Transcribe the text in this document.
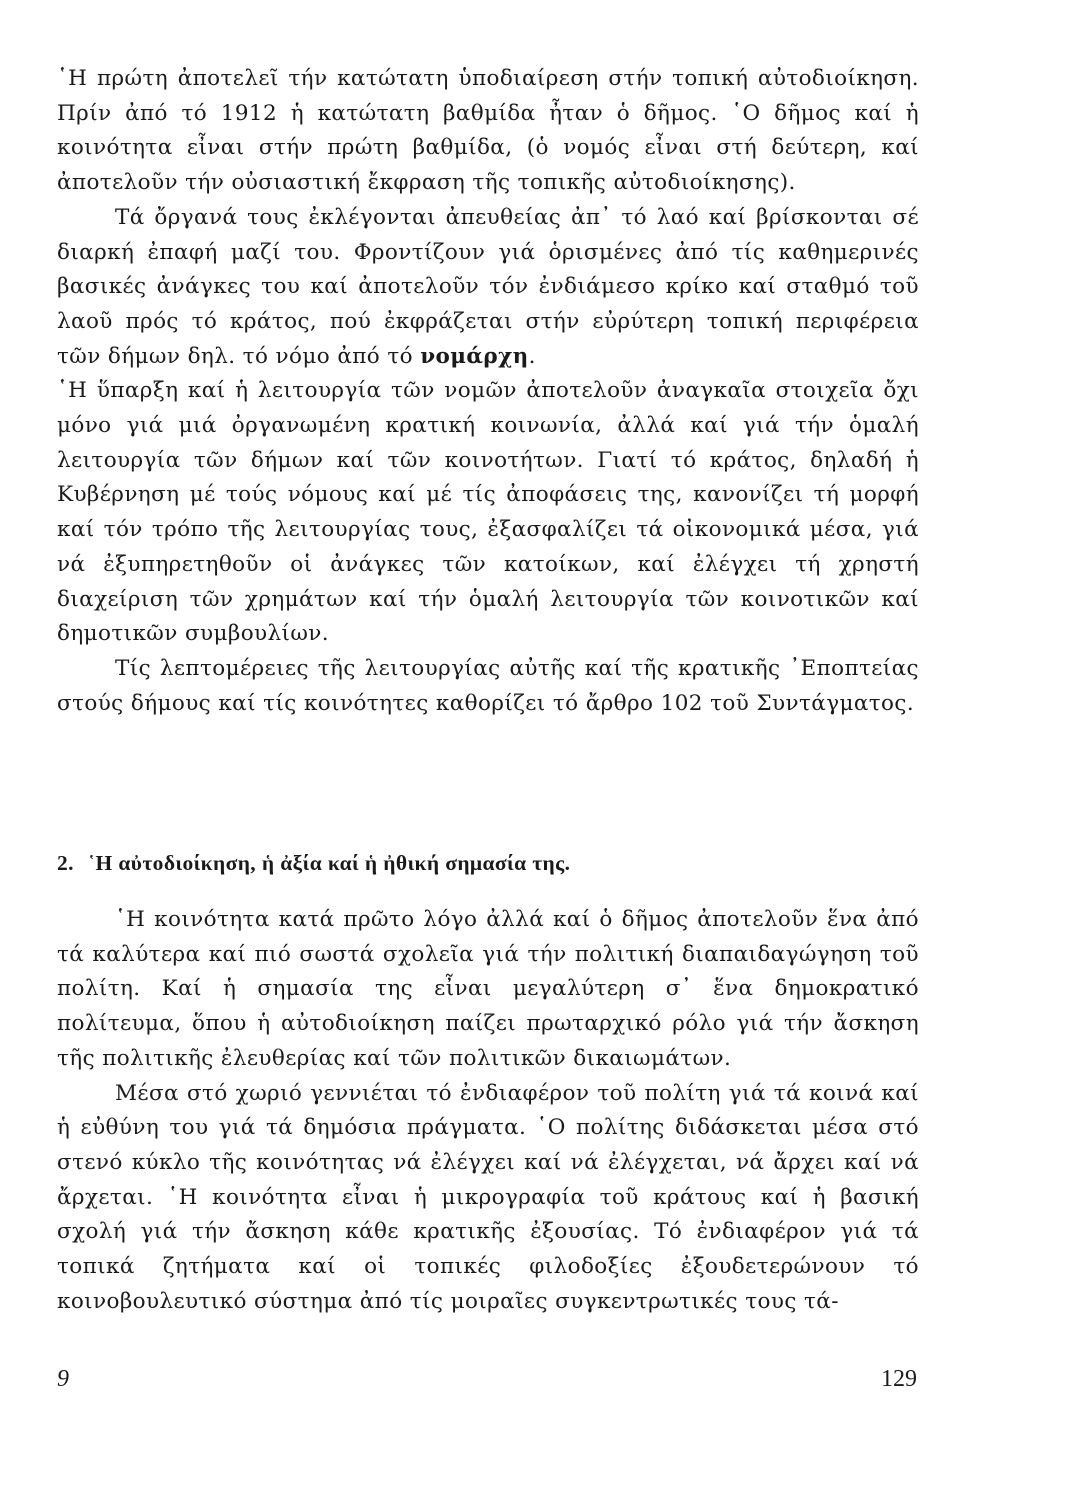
῾Η πρώτη ἀποτελεῖ τήν κατώτατη ὑποδιαίρεση στήν τοπική αὐτοδιοίκηση. Πρίν ἀπό τό 1912 ἡ κατώτατη βαθμίδα ἦταν ὁ δῆμος. ῾Ο δῆμος καί ἡ κοινότητα εἶναι στήν πρώτη βαθμίδα, (ὁ νομός εἶναι στή δεύτερη, καί ἀποτελοῦν τήν οὐσιαστική ἔκφραση τῆς τοπικῆς αὐτοδιοίκησης).

Τά ὄργανά τους ἐκλέγονται ἀπευθείας ἀπ᾿ τό λαό καί βρίσκονται σέ διαρκή ἐπαφή μαζί του. Φροντίζουν γιά ὁρισμένες ἀπό τίς καθημερινές βασικές ἀνάγκες του καί ἀποτελοῦν τόν ἐνδιάμεσο κρίκο καί σταθμό τοῦ λαοῦ πρός τό κράτος, πού ἐκφράζεται στήν εὐρύτερη τοπική περιφέρεια τῶν δήμων δηλ. τό νόμο ἀπό τό νομάρχη.

῾Η ὕπαρξη καί ἡ λειτουργία τῶν νομῶν ἀποτελοῦν ἀναγκαῖα στοιχεῖα ὄχι μόνο γιά μιά ὀργανωμένη κρατική κοινωνία, ἀλλά καί γιά τήν ὁμαλή λειτουργία τῶν δήμων καί τῶν κοινοτήτων. Γιατί τό κράτος, δηλαδή ἡ Κυβέρνηση μέ τούς νόμους καί μέ τίς ἀποφάσεις της, κανονίζει τή μορφή καί τόν τρόπο τῆς λειτουργίας τους, ἐξασφαλίζει τά οἰκονομικά μέσα, γιά νά ἐξυπηρετηθοῦν οἱ ἀνάγκες τῶν κατοίκων, καί ἐλέγχει τή χρηστή διαχείριση τῶν χρημάτων καί τήν ὁμαλή λειτουργία τῶν κοινοτικῶν καί δημοτικῶν συμβουλίων.

Τίς λεπτομέρειες τῆς λειτουργίας αὐτῆς καί τῆς κρατικῆς ᾿Εποπτείας στούς δήμους καί τίς κοινότητες καθορίζει τό ἄρθρο 102 τοῦ Συντάγματος.

2. ῾Η αὐτοδιοίκηση, ἡ ἀξία καί ἡ ἠθική σημασία της.

῾Η κοινότητα κατά πρῶτο λόγο ἀλλά καί ὁ δῆμος ἀποτελοῦν ἕνα ἀπό τά καλύτερα καί πιό σωστά σχολεῖα γιά τήν πολιτική διαπαιδαγώγηση τοῦ πολίτη. Καί ἡ σημασία της εἶναι μεγαλύτερη σ᾿ ἕνα δημοκρατικό πολίτευμα, ὅπου ἡ αὐτοδιοίκηση παίζει πρωταρχικό ρόλο γιά τήν ἄσκηση τῆς πολιτικῆς ἐλευθερίας καί τῶν πολιτικῶν δικαιωμάτων.

Μέσα στό χωριό γεννιέται τό ἐνδιαφέρον τοῦ πολίτη γιά τά κοινά καί ἡ εὐθύνη του γιά τά δημόσια πράγματα. ῾Ο πολίτης διδάσκεται μέσα στό στενό κύκλο τῆς κοινότητας νά ἐλέγχει καί νά ἐλέγχεται, νά ἄρχει καί νά ἄρχεται. ῾Η κοινότητα εἶναι ἡ μικρογραφία τοῦ κράτους καί ἡ βασική σχολή γιά τήν ἄσκηση κάθε κρατικῆς ἐξουσίας. Τό ἐνδιαφέρον γιά τά τοπικά ζητήματα καί οἱ τοπικές φιλοδοξίες ἐξουδετερώνουν τό κοινοβουλευτικό σύστημα ἀπό τίς μοιραῖες συγκεντρωτικές τους τά-

9	129
